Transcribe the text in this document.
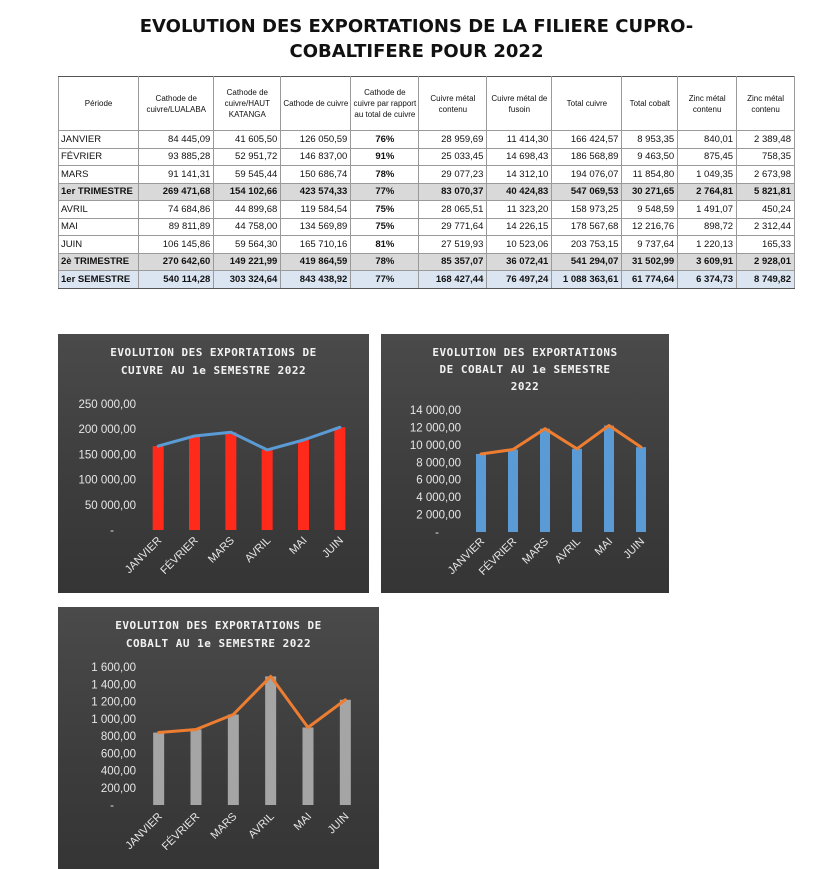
EVOLUTION DES EXPORTATIONS DE LA FILIERE CUPRO-
COBALTIFERE POUR 2022
Période	Cathode de cuivre/LUALABA	Cathode de cuivre/HAUT KATANGA	Cathode de cuivre	Cathode de cuivre par rapport au total de cuivre	Cuivre métal contenu	Cuivre métal de fusoin	Total cuivre	Total cobalt	Zinc métal contenu	Zinc métal contenu
JANVIER	84 445,09	41 605,50	126 050,59	76%	28 959,69	11 414,30	166 424,57	8 953,35	840,01	2 389,48
FÉVRIER	93 885,28	52 951,72	146 837,00	91%	25 033,45	14 698,43	186 568,89	9 463,50	875,45	758,35
MARS	91 141,31	59 545,44	150 686,74	78%	29 077,23	14 312,10	194 076,07	11 854,80	1 049,35	2 673,98
1er TRIMESTRE	269 471,68	154 102,66	423 574,33	77%	83 070,37	40 424,83	547 069,53	30 271,65	2 764,81	5 821,81
AVRIL	74 684,86	44 899,68	119 584,54	75%	28 065,51	11 323,20	158 973,25	9 548,59	1 491,07	450,24
MAI	89 811,89	44 758,00	134 569,89	75%	29 771,64	14 226,15	178 567,68	12 216,76	898,72	2 312,44
JUIN	106 145,86	59 564,30	165 710,16	81%	27 519,93	10 523,06	203 753,15	9 737,64	1 220,13	165,33
2è TRIMESTRE	270 642,60	149 221,99	419 864,59	78%	85 357,07	36 072,41	541 294,07	31 502,99	3 609,91	2 928,01
1er SEMESTRE	540 114,28	303 324,64	843 438,92	77%	168 427,44	76 497,24	1 088 363,61	61 774,64	6 374,73	8 749,82
EVOLUTION DES EXPORTATIONS DE
CUIVRE AU 1e SEMESTRE 2022
-
50 000,00
100 000,00
150 000,00
200 000,00
250 000,00
JANVIER
FÉVRIER MARS AVRIL MAI JUIN
EVOLUTION DES EXPORTATIONS
DE COBALT AU 1e SEMESTRE
2022
-
2 000,00
4 000,00
6 000,00
8 000,00
10 000,00
12 000,00
14 000,00
JANVIER
FÉVRIER MARS AVRIL MAI JUIN
EVOLUTION DES EXPORTATIONS DE
COBALT AU 1e SEMESTRE 2022
-
200,00
400,00
600,00
800,00
1 000,00
1 200,00
1 400,00
1 600,00
JANVIER
FÉVRIER MARS AVRIL MAI JUIN
